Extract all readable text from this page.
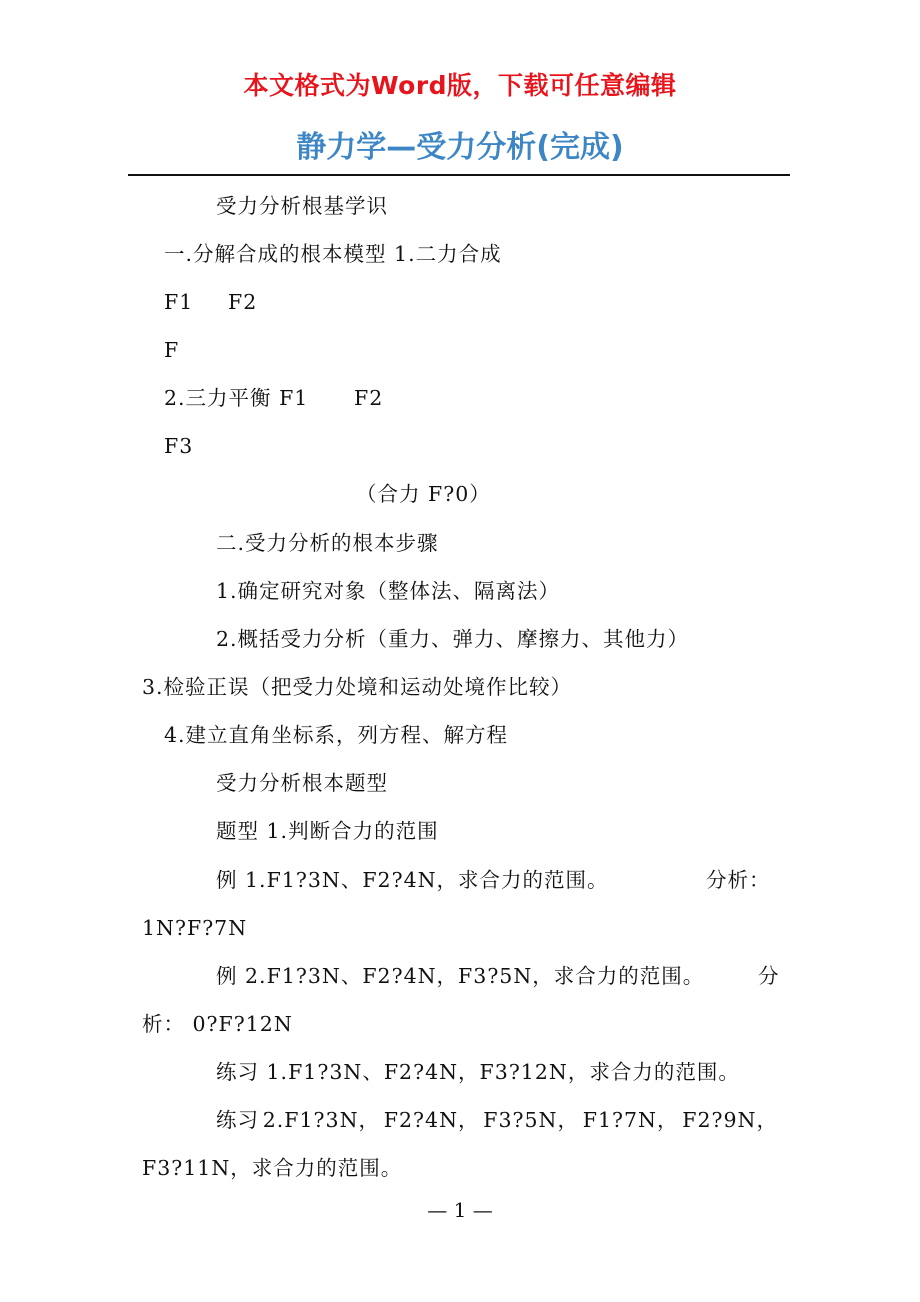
本文格式为Word版，下载可任意编辑
静力学—受力分析(完成)
受力分析根基学识
一.分解合成的根本模型 1.二力合成
F1 F2
F
2.三力平衡 F1 F2
F3
（合力 F?0）
二.受力分析的根本步骤
1.确定研究对象（整体法、隔离法）
2.概括受力分析（重力、弹力、摩擦力、其他力）
3.检验正误（把受力处境和运动处境作比较）
4.建立直角坐标系，列方程、解方程
受力分析根本题型
题型 1.判断合力的范围
例 1.F1?3N、F2?4N，求合力的范围。	分析：
1N?F?7N
例 2.F1?3N、F2?4N，F3?5N，求合力的范围。	分
析： 0?F?12N
练习 1.F1?3N、F2?4N，F3?12N，求合力的范围。
练习 2.F1?3N， F2?4N， F3?5N， F1?7N， F2?9N，
F3?11N，求合力的范围。
— 1 —
